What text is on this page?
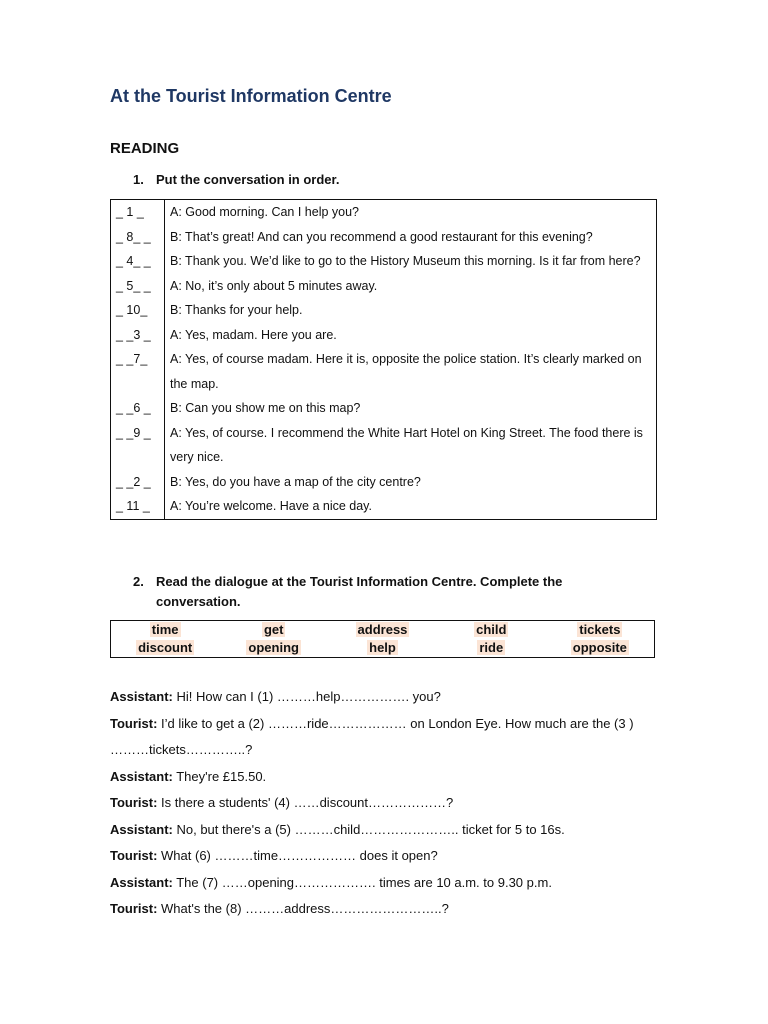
At the Tourist Information Centre
READING

1. Put the conversation in order.

_ 1 _	A: Good morning. Can I help you?
_ 8_ _	B: That’s great! And can you recommend a good restaurant for this evening?
_ 4_ _	B: Thank you. We’d like to go to the History Museum this morning. Is it far from here?
_ 5_ _	A: No, it’s only about 5 minutes away.
_ 10_	B: Thanks for your help.
_ _3 _	A: Yes, madam. Here you are.
_ _7_	A: Yes, of course madam. Here it is, opposite the police station. It’s clearly marked on the map.
_ _6 _	B: Can you show me on this map?
_ _9 _	A: Yes, of course. I recommend the White Hart Hotel on King Street. The food there is very nice.
_ _2 _	B: Yes, do you have a map of the city centre?
_ 11 _	A: You’re welcome. Have a nice day.

2. Read the dialogue at the Tourist Information Centre. Complete the conversation.

time	get	address	child	tickets
discount	opening	help	ride	opposite

Assistant: Hi! How can I (1) ………help……………. you?

Tourist: I’d like to get a (2) ………ride……………… on London Eye. How much are the (3 ) ………tickets…………..?

Assistant: They're £15.50.

Tourist: Is there a students' (4) ……discount………………?

Assistant: No, but there's a (5) ………child………………….. ticket for 5 to 16s.

Tourist: What (6) ………time……………… does it open?

Assistant: The (7) ……opening………………. times are 10 a.m. to 9.30 p.m.

Tourist: What's the (8) ………address……………………..?
